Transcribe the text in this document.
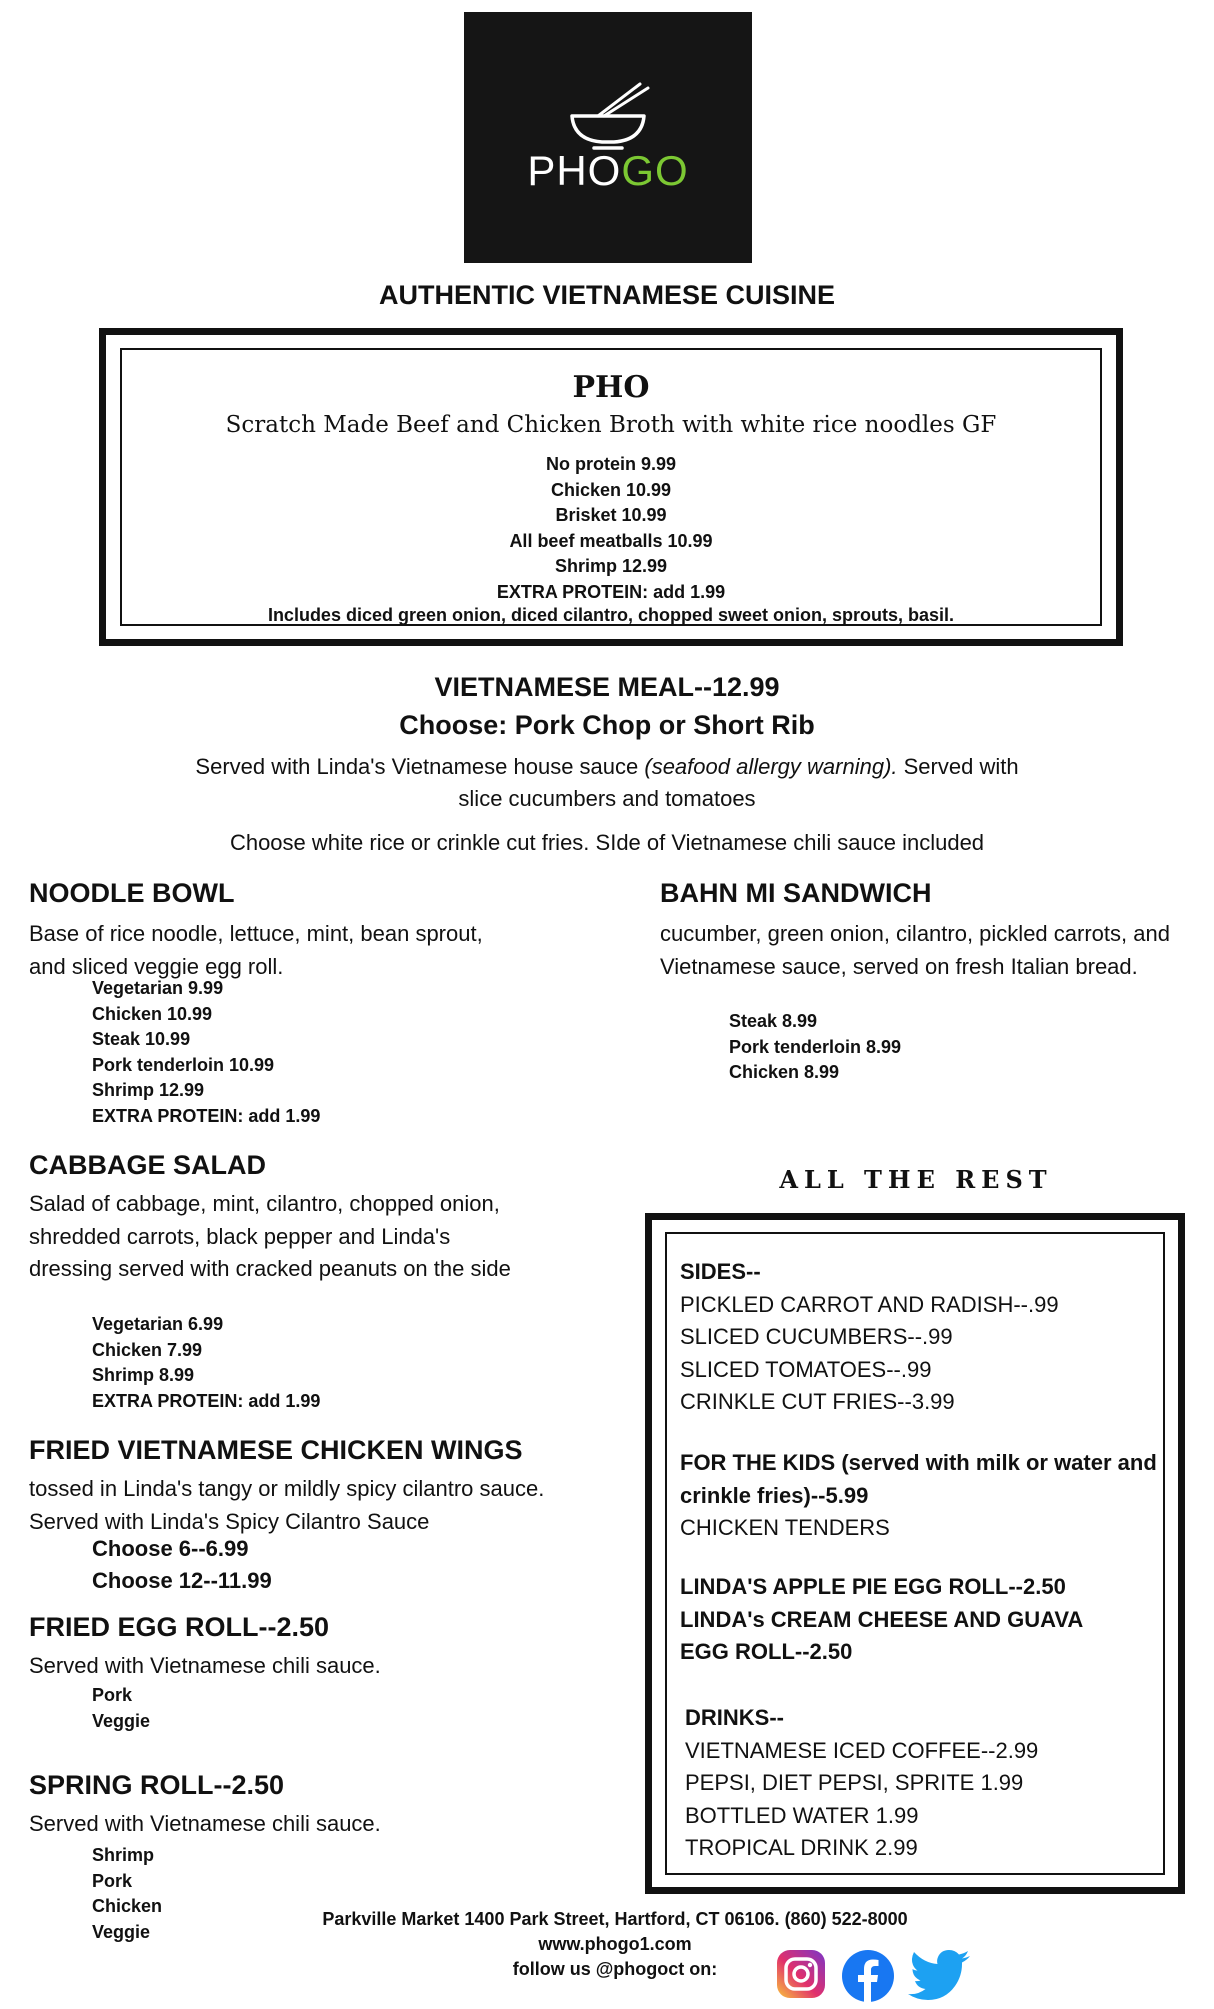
PHOGO
AUTHENTIC VIETNAMESE CUISINE
PHO
Scratch Made Beef and Chicken Broth with white rice noodles GF
No protein 9.99
Chicken 10.99
Brisket 10.99
All beef meatballs 10.99
Shrimp 12.99
EXTRA PROTEIN: add 1.99
Includes diced green onion, diced cilantro, chopped sweet onion, sprouts, basil.
VIETNAMESE MEAL--12.99
Choose: Pork Chop or Short Rib
Served with Linda's Vietnamese house sauce (seafood allergy warning). Served with slice cucumbers and tomatoes
Choose white rice or crinkle cut fries. SIde of Vietnamese chili sauce included
NOODLE BOWL
Base of rice noodle, lettuce, mint, bean sprout, and sliced veggie egg roll.
Vegetarian 9.99
Chicken 10.99
Steak 10.99
Pork tenderloin 10.99
Shrimp 12.99
EXTRA PROTEIN: add 1.99
BAHN MI SANDWICH
cucumber, green onion, cilantro, pickled carrots, and Vietnamese sauce, served on fresh Italian bread.
Steak 8.99
Pork tenderloin 8.99
Chicken 8.99
CABBAGE SALAD
Salad of cabbage, mint, cilantro, chopped onion, shredded carrots, black pepper and Linda's dressing served with cracked peanuts on the side
Vegetarian 6.99
Chicken 7.99
Shrimp 8.99
EXTRA PROTEIN: add 1.99
FRIED VIETNAMESE CHICKEN WINGS
tossed in Linda's tangy or mildly spicy cilantro sauce. Served with Linda's Spicy Cilantro Sauce
Choose 6--6.99
Choose 12--11.99
FRIED EGG ROLL--2.50
Served with Vietnamese chili sauce.
Pork
Veggie
SPRING ROLL--2.50
Served with Vietnamese chili sauce.
Shrimp
Pork
Chicken
Veggie
ALL THE REST
SIDES--
PICKLED CARROT AND RADISH--.99
SLICED CUCUMBERS--.99
SLICED TOMATOES--.99
CRINKLE CUT FRIES--3.99
FOR THE KIDS (served with milk or water and crinkle fries)--5.99
CHICKEN TENDERS
LINDA'S APPLE PIE EGG ROLL--2.50
LINDA's CREAM CHEESE AND GUAVA EGG ROLL--2.50
DRINKS--
VIETNAMESE ICED COFFEE--2.99
PEPSI, DIET PEPSI, SPRITE 1.99
BOTTLED WATER 1.99
TROPICAL DRINK 2.99
Parkville Market 1400 Park Street, Hartford, CT 06106. (860) 522-8000
www.phogo1.com
follow us @phogoct on:
